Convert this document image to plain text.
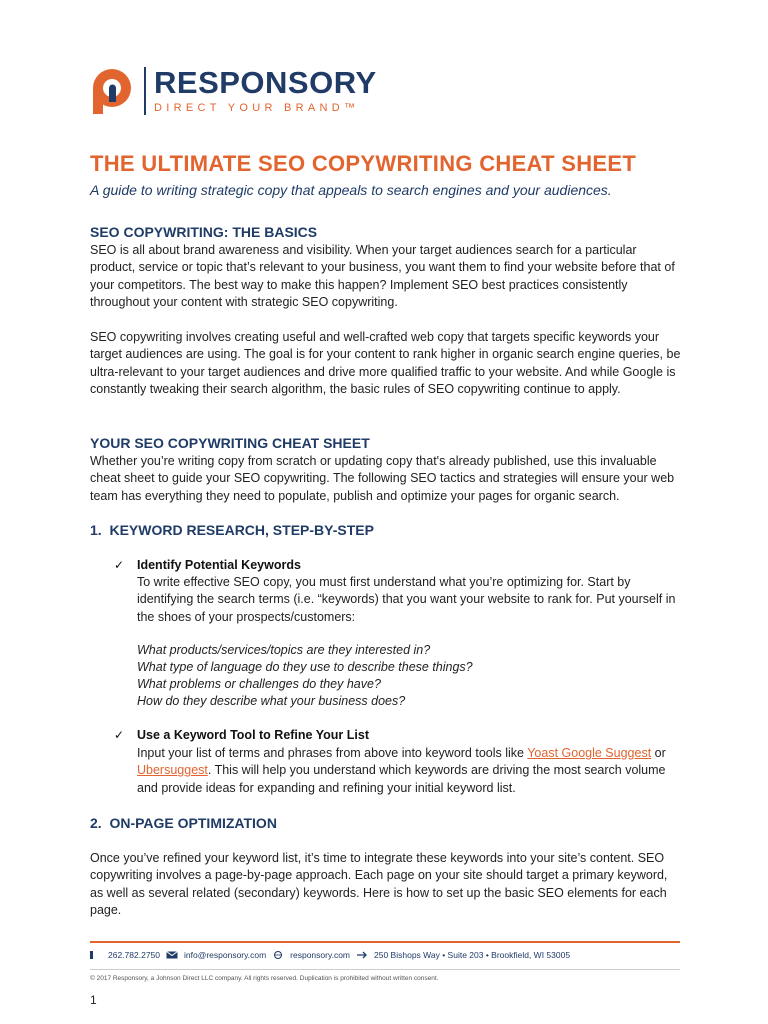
RESPONSORY
DIRECT YOUR BRAND™
THE ULTIMATE SEO COPYWRITING CHEAT SHEET

A guide to writing strategic copy that appeals to search engines and your audiences.

SEO COPYWRITING: THE BASICS

SEO is all about brand awareness and visibility. When your target audiences search for a particular product, service or topic that’s relevant to your business, you want them to find your website before that of your competitors. The best way to make this happen? Implement SEO best practices consistently throughout your content with strategic SEO copywriting.

SEO copywriting involves creating useful and well-crafted web copy that targets specific keywords your target audiences are using. The goal is for your content to rank higher in organic search engine queries, be ultra-relevant to your target audiences and drive more qualified traffic to your website. And while Google is constantly tweaking their search algorithm, the basic rules of SEO copywriting continue to apply.

YOUR SEO COPYWRITING CHEAT SHEET

Whether you’re writing copy from scratch or updating copy that's already published, use this invaluable cheat sheet to guide your SEO copywriting. The following SEO tactics and strategies will ensure your web team has everything they need to populate, publish and optimize your pages for organic search.

1.  KEYWORD RESEARCH, STEP-BY-STEP
✓ Identify Potential Keywords

To write effective SEO copy, you must first understand what you’re optimizing for. Start by identifying the search terms (i.e. “keywords) that you want your website to rank for. Put yourself in the shoes of your prospects/customers:

What products/services/topics are they interested in?

What type of language do they use to describe these things?

What problems or challenges do they have?

How do they describe what your business does?

✓ Use a Keyword Tool to Refine Your List

Input your list of terms and phrases from above into keyword tools like Yoast Google Suggest or Ubersuggest. This will help you understand which keywords are driving the most search volume and provide ideas for expanding and refining your initial keyword list.

2.  ON-PAGE OPTIMIZATION

Once you’ve refined your keyword list, it’s time to integrate these keywords into your site’s content. SEO copywriting involves a page-by-page approach. Each page on your site should target a primary keyword, as well as several related (secondary) keywords. Here is how to set up the basic SEO elements for each page.

262.782.2750	info@responsory.com	responsory.com	250 Bishops Way • Suite 203 • Brookfield, WI 53005
© 2017 Responsory, a Johnson Direct LLC company. All rights reserved. Duplication is prohibited without written consent.
1
